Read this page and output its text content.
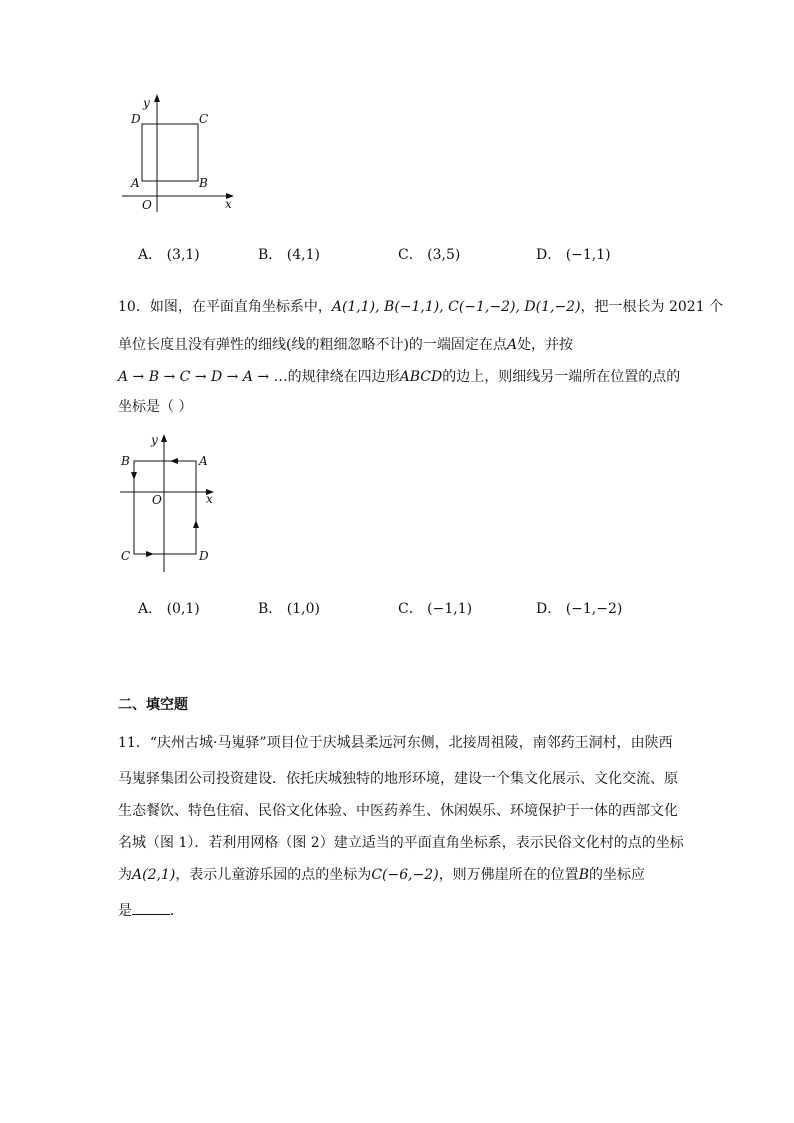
y
D	C
A	B
O	x
A． (3,1)	B． (4,1)	C． (3,5)	D． (−1,1)
10．如图，在平面直角坐标系中，A(1,1), B(−1,1), C(−1,−2), D(1,−2)，把一根长为 2021 个
单位长度且没有弹性的细线(线的粗细忽略不计)的一端固定在点A处，并按
A → B → C → D → A → …的规律绕在四边形ABCD的边上，则细线另一端所在位置的点的
坐标是（ ）
y
B	A
O	x
C	D
A． (0,1)	B． (1,0)	C． (−1,1)	D． (−1,−2)
二、填空题
11．“庆州古城·马嵬驿”项目位于庆城县柔远河东侧，北接周祖陵，南邻药王洞村，由陕西
马嵬驿集团公司投资建设．依托庆城独特的地形环境，建设一个集文化展示、文化交流、原
生态餐饮、特色住宿、民俗文化体验、中医药养生、休闲娱乐、环境保护于一体的西部文化
名城（图 1）．若利用网格（图 2）建立适当的平面直角坐标系，表示民俗文化村的点的坐标
为A(2,1)，表示儿童游乐园的点的坐标为C(−6,−2)，则万佛崖所在的位置B的坐标应
是	．
